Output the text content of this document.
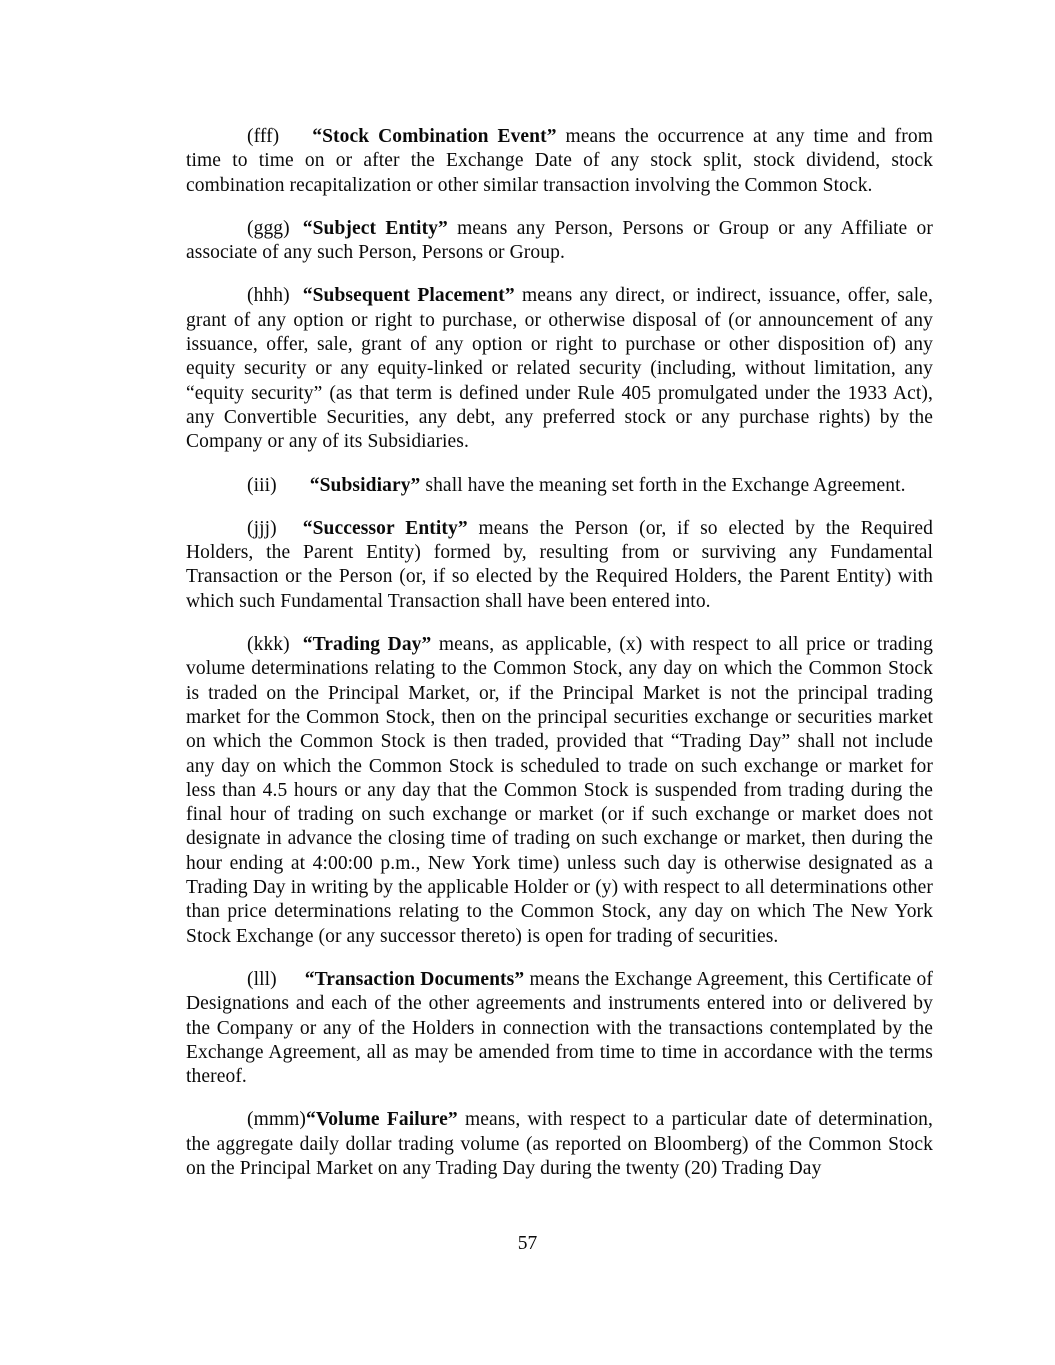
(fff) “Stock Combination Event” means the occurrence at any time and from time to time on or after the Exchange Date of any stock split, stock dividend, stock combination recapitalization or other similar transaction involving the Common Stock.

(ggg) “Subject Entity” means any Person, Persons or Group or any Affiliate or associate of any such Person, Persons or Group.

(hhh) “Subsequent Placement” means any direct, or indirect, issuance, offer, sale, grant of any option or right to purchase, or otherwise disposal of (or announcement of any issuance, offer, sale, grant of any option or right to purchase or other disposition of) any equity security or any equity-linked or related security (including, without limitation, any “equity security” (as that term is defined under Rule 405 promulgated under the 1933 Act), any Convertible Securities, any debt, any preferred stock or any purchase rights) by the Company or any of its Subsidiaries.

(iii) “Subsidiary” shall have the meaning set forth in the Exchange Agreement.

(jjj) “Successor Entity” means the Person (or, if so elected by the Required Holders, the Parent Entity) formed by, resulting from or surviving any Fundamental Transaction or the Person (or, if so elected by the Required Holders, the Parent Entity) with which such Fundamental Transaction shall have been entered into.

(kkk) “Trading Day” means, as applicable, (x) with respect to all price or trading volume determinations relating to the Common Stock, any day on which the Common Stock is traded on the Principal Market, or, if the Principal Market is not the principal trading market for the Common Stock, then on the principal securities exchange or securities market on which the Common Stock is then traded, provided that “Trading Day” shall not include any day on which the Common Stock is scheduled to trade on such exchange or market for less than 4.5 hours or any day that the Common Stock is suspended from trading during the final hour of trading on such exchange or market (or if such exchange or market does not designate in advance the closing time of trading on such exchange or market, then during the hour ending at 4:00:00 p.m., New York time) unless such day is otherwise designated as a Trading Day in writing by the applicable Holder or (y) with respect to all determinations other than price determinations relating to the Common Stock, any day on which The New York Stock Exchange (or any successor thereto) is open for trading of securities.

(lll) “Transaction Documents” means the Exchange Agreement, this Certificate of Designations and each of the other agreements and instruments entered into or delivered by the Company or any of the Holders in connection with the transactions contemplated by the Exchange Agreement, all as may be amended from time to time in accordance with the terms thereof.

(mmm)“Volume Failure” means, with respect to a particular date of determination, the aggregate daily dollar trading volume (as reported on Bloomberg) of the Common Stock on the Principal Market on any Trading Day during the twenty (20) Trading Day

57
